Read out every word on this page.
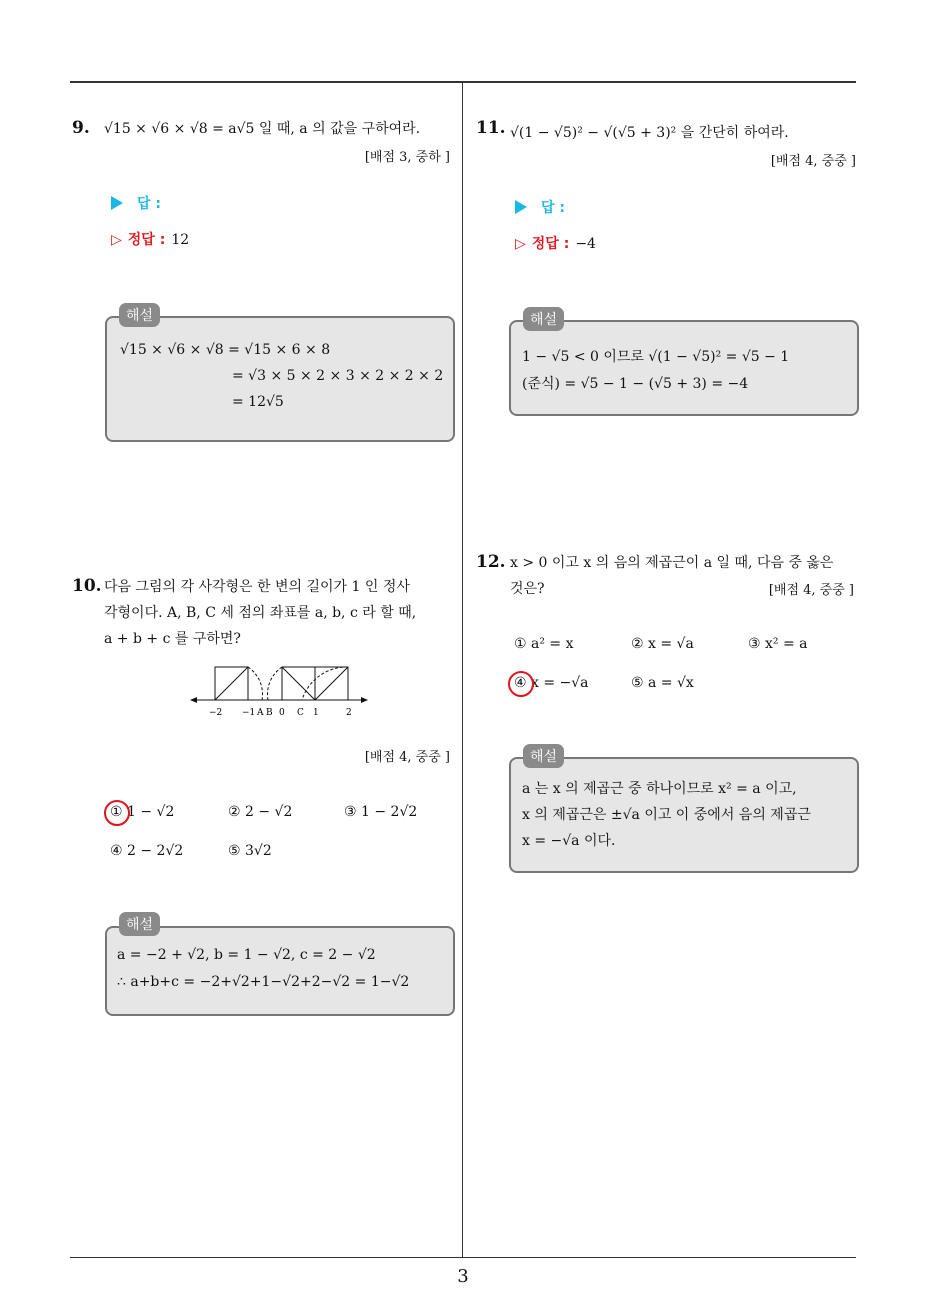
9. √15 × √6 × √8 = a√5 일 때, a 의 값을 구하여라.
[배점 3, 중하 ]
답 :
▷ 정답 : 12
해설
√15 × √6 × √8 = √15 × 6 × 8
= √3 × 5 × 2 × 3 × 2 × 2 × 2
= 12√5
10. 다음 그림의 각 사각형은 한 변의 길이가 1 인 정사
각형이다. A, B, C 세 점의 좌표를 a, b, c 라 할 때,
a + b + c 를 구하면?
−2 −1 A B 0 C 1	2
[배점 4, 중중 ]
① 1 − √2	② 2 − √2	③ 1 − 2√2
④ 2 − 2√2	⑤ 3√2
해설
a = −2 + √2, b = 1 − √2, c = 2 − √2
∴ a+b+c = −2+√2+1−√2+2−√2 = 1−√2
11. √(1 − √5)² − √(√5 + 3)² 을 간단히 하여라.
[배점 4, 중중 ]
답 :
▷ 정답 : −4
해설
1 − √5 < 0 이므로 √(1 − √5)² = √5 − 1
(준식) = √5 − 1 − (√5 + 3) = −4
12. x > 0 이고 x 의 음의 제곱근이 a 일 때, 다음 중 옳은
것은?	[배점 4, 중중 ]
① a² = x	② x = √a	③ x² = a
④ x = −√a	⑤ a = √x
해설
a 는 x 의 제곱근 중 하나이므로 x² = a 이고,
x 의 제곱근은 ±√a 이고 이 중에서 음의 제곱근
x = −√a 이다.
3
